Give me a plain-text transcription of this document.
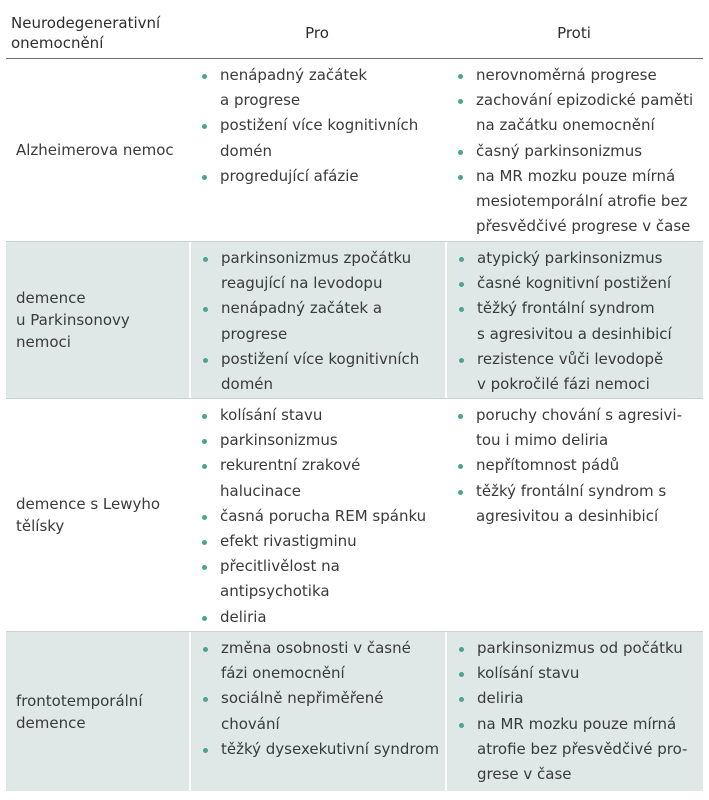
Neurodegenerativní
onemocnění
Pro	Proti
Alzheimerova nemoc
nenápadný začátek
a progrese
postižení více kognitivních
domén
progredující afázie
nerovnoměrná progrese
zachování epizodické paměti
na začátku onemocnění
časný parkinsonizmus
na MR mozku pouze mírná
mesiotemporální atrofie bez
přesvědčivé progrese v čase
demence
u Parkinsonovy
nemoci
parkinsonizmus zpočátku
reagující na levodopu
nenápadný začátek a
progrese
postižení více kognitivních
domén
atypický parkinsonizmus
časné kognitivní postižení
těžký frontální syndrom
s agresivitou a desinhibicí
rezistence vůči levodopě
v pokročilé fázi nemoci
demence s Lewyho
tělísky
kolísání stavu
parkinsonizmus
rekurentní zrakové
halucinace
časná porucha REM spánku
efekt rivastigminu
přecitlivělost na
antipsychotika
deliria
poruchy chování s agresivi-
tou i mimo deliria
nepřítomnost pádů
těžký frontální syndrom s
agresivitou a desinhibicí
frontotemporální
demence
změna osobnosti v časné
fázi onemocnění
sociálně nepřiměřené
chování
těžký dysexekutivní syndrom
parkinsonizmus od počátku
kolísání stavu
deliria
na MR mozku pouze mírná
atrofie bez přesvědčivé pro-
grese v čase
